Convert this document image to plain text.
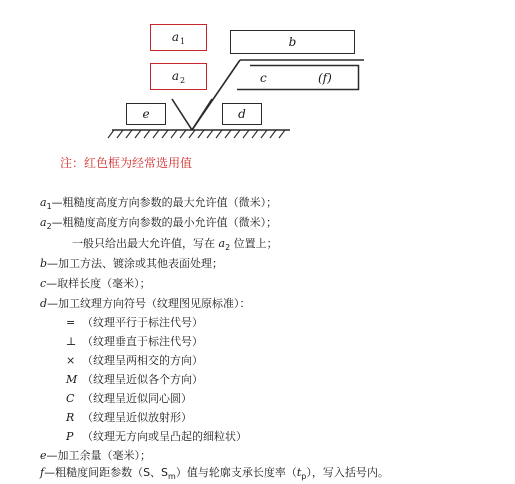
$a_1$
$a_2$
b
c	(f)
e	d
注：红色框为经常选用值
$a_1—$粗糙度高度方向参数的最大允许值（微米）；
$a_2—$粗糙度高度方向参数的最小允许值（微米）；
一般只给出最大允许值，写在 $a_2$ 位置上；
b—加工方法、镀涂或其他表面处理；
c—取样长度（毫米）；
d—加工纹理方向符号（纹理图见原标准）：
= （纹理平行于标注代号）
⊥ （纹理垂直于标注代号）
× （纹理呈两相交的方向）
M （纹理呈近似各个方向）
C （纹理呈近似同心圆）
R （纹理呈近似放射形）
P （纹理无方向或呈凸起的细粒状）
e—加工余量（毫米）；
f—粗糙度间距参数（S、$S_m$）值与轮廓支承长度率$(t_p)$，写入括号内。
